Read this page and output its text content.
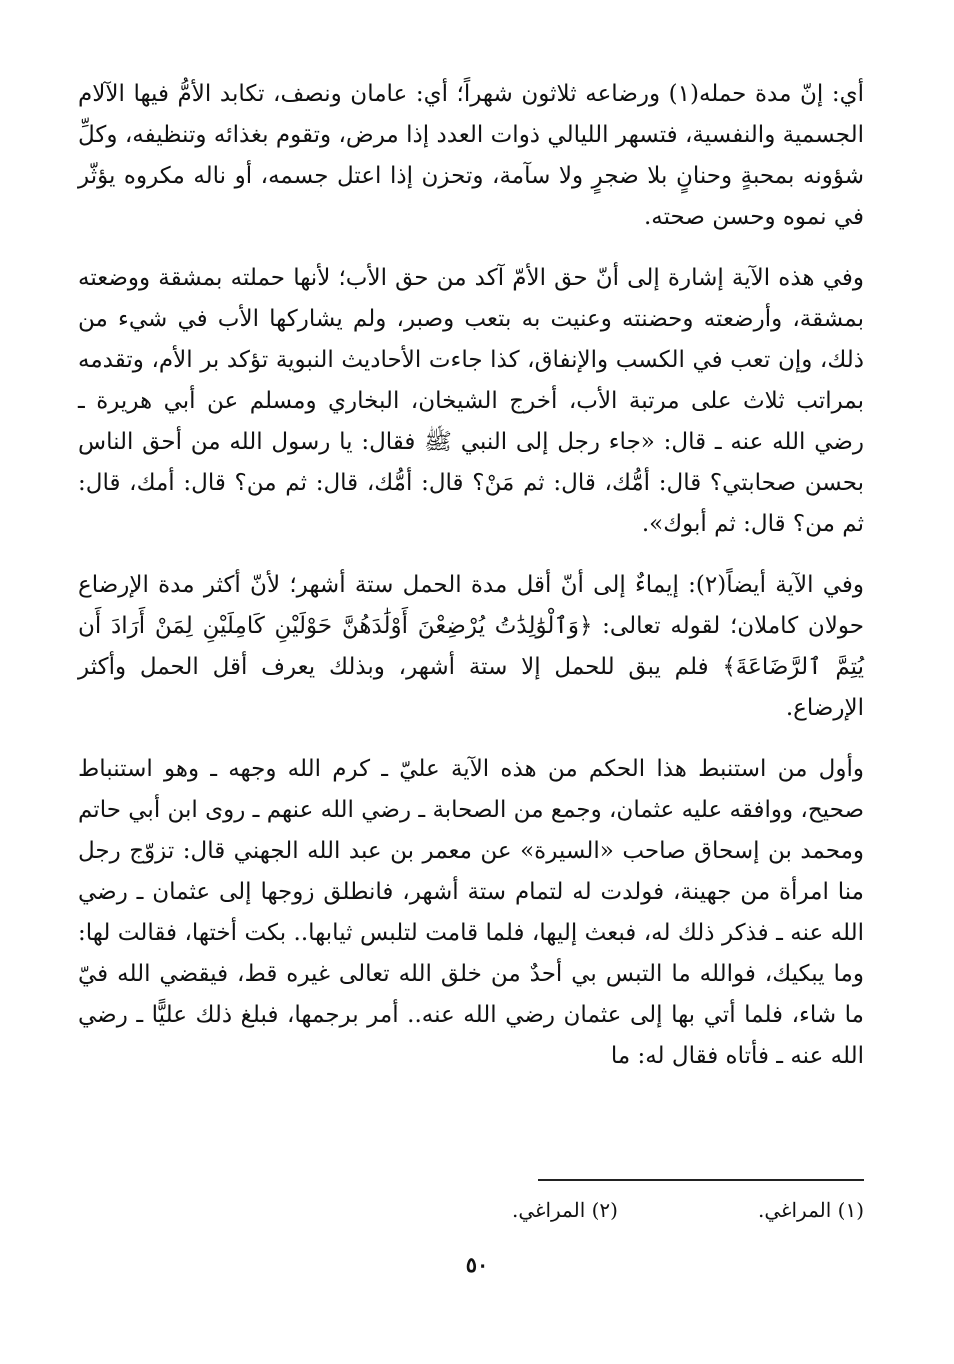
أي: إنّ مدة حمله(١) ورضاعه ثلاثون شهراً؛ أي: عامان ونصف، تكابد الأمُّ فيها الآلام الجسمية والنفسية، فتسهر الليالي ذوات العدد إذا مرض، وتقوم بغذائه وتنظيفه، وكلِّ شؤونه بمحبةٍ وحنانٍ بلا ضجرٍ ولا سآمة، وتحزن إذا اعتل جسمه، أو ناله مكروه يؤثّر في نموه وحسن صحته.

وفي هذه الآية إشارة إلى أنّ حق الأمّ آكد من حق الأب؛ لأنها حملته بمشقة ووضعته بمشقة، وأرضعته وحضنته وعنيت به بتعب وصبر، ولم يشاركها الأب في شيء من ذلك، وإن تعب في الكسب والإنفاق، كذا جاءت الأحاديث النبوية تؤكد بر الأم، وتقدمه بمراتب ثلاث على مرتبة الأب، أخرج الشيخان، البخاري ومسلم عن أبي هريرة ـ رضي الله عنه ـ قال: «جاء رجل إلى النبي ﷺ فقال: يا رسول الله من أحق الناس بحسن صحابتي؟ قال: أمُّك، قال: ثم مَنْ؟ قال: أمُّك، قال: ثم من؟ قال: أمك، قال: ثم من؟ قال: ثم أبوك».

وفي الآية أيضاً(٢): إيماءٌ إلى أنّ أقل مدة الحمل ستة أشهر؛ لأنّ أكثر مدة الإرضاع حولان كاملان؛ لقوله تعالى: ﴿وَٱلْوَٰلِدَٰتُ يُرْضِعْنَ أَوْلَٰدَهُنَّ حَوْلَيْنِ كَامِلَيْنِ لِمَنْ أَرَادَ أَن يُتِمَّ ٱلرَّضَاعَةَ﴾ فلم يبق للحمل إلا ستة أشهر، وبذلك يعرف أقل الحمل وأكثر الإرضاع.

وأول من استنبط هذا الحكم من هذه الآية عليّ ـ كرم الله وجهه ـ وهو استنباط صحيح، ووافقه عليه عثمان، وجمع من الصحابة ـ رضي الله عنهم ـ روى ابن أبي حاتم ومحمد بن إسحاق صاحب «السيرة» عن معمر بن عبد الله الجهني قال: تزوّج رجل منا امرأة من جهينة، فولدت له لتمام ستة أشهر، فانطلق زوجها إلى عثمان ـ رضي الله عنه ـ فذكر ذلك له، فبعث إليها، فلما قامت لتلبس ثيابها.. بكت أختها، فقالت لها: وما يبكيك، فوالله ما التبس بي أحدٌ من خلق الله تعالى غيره قط، فيقضي الله فيّ ما شاء، فلما أتي بها إلى عثمان رضي الله عنه.. أمر برجمها، فبلغ ذلك عليًّا ـ رضي الله عنه ـ فأتاه فقال له: ما

(١) المراغي.
(٢) المراغي.
٥٠
